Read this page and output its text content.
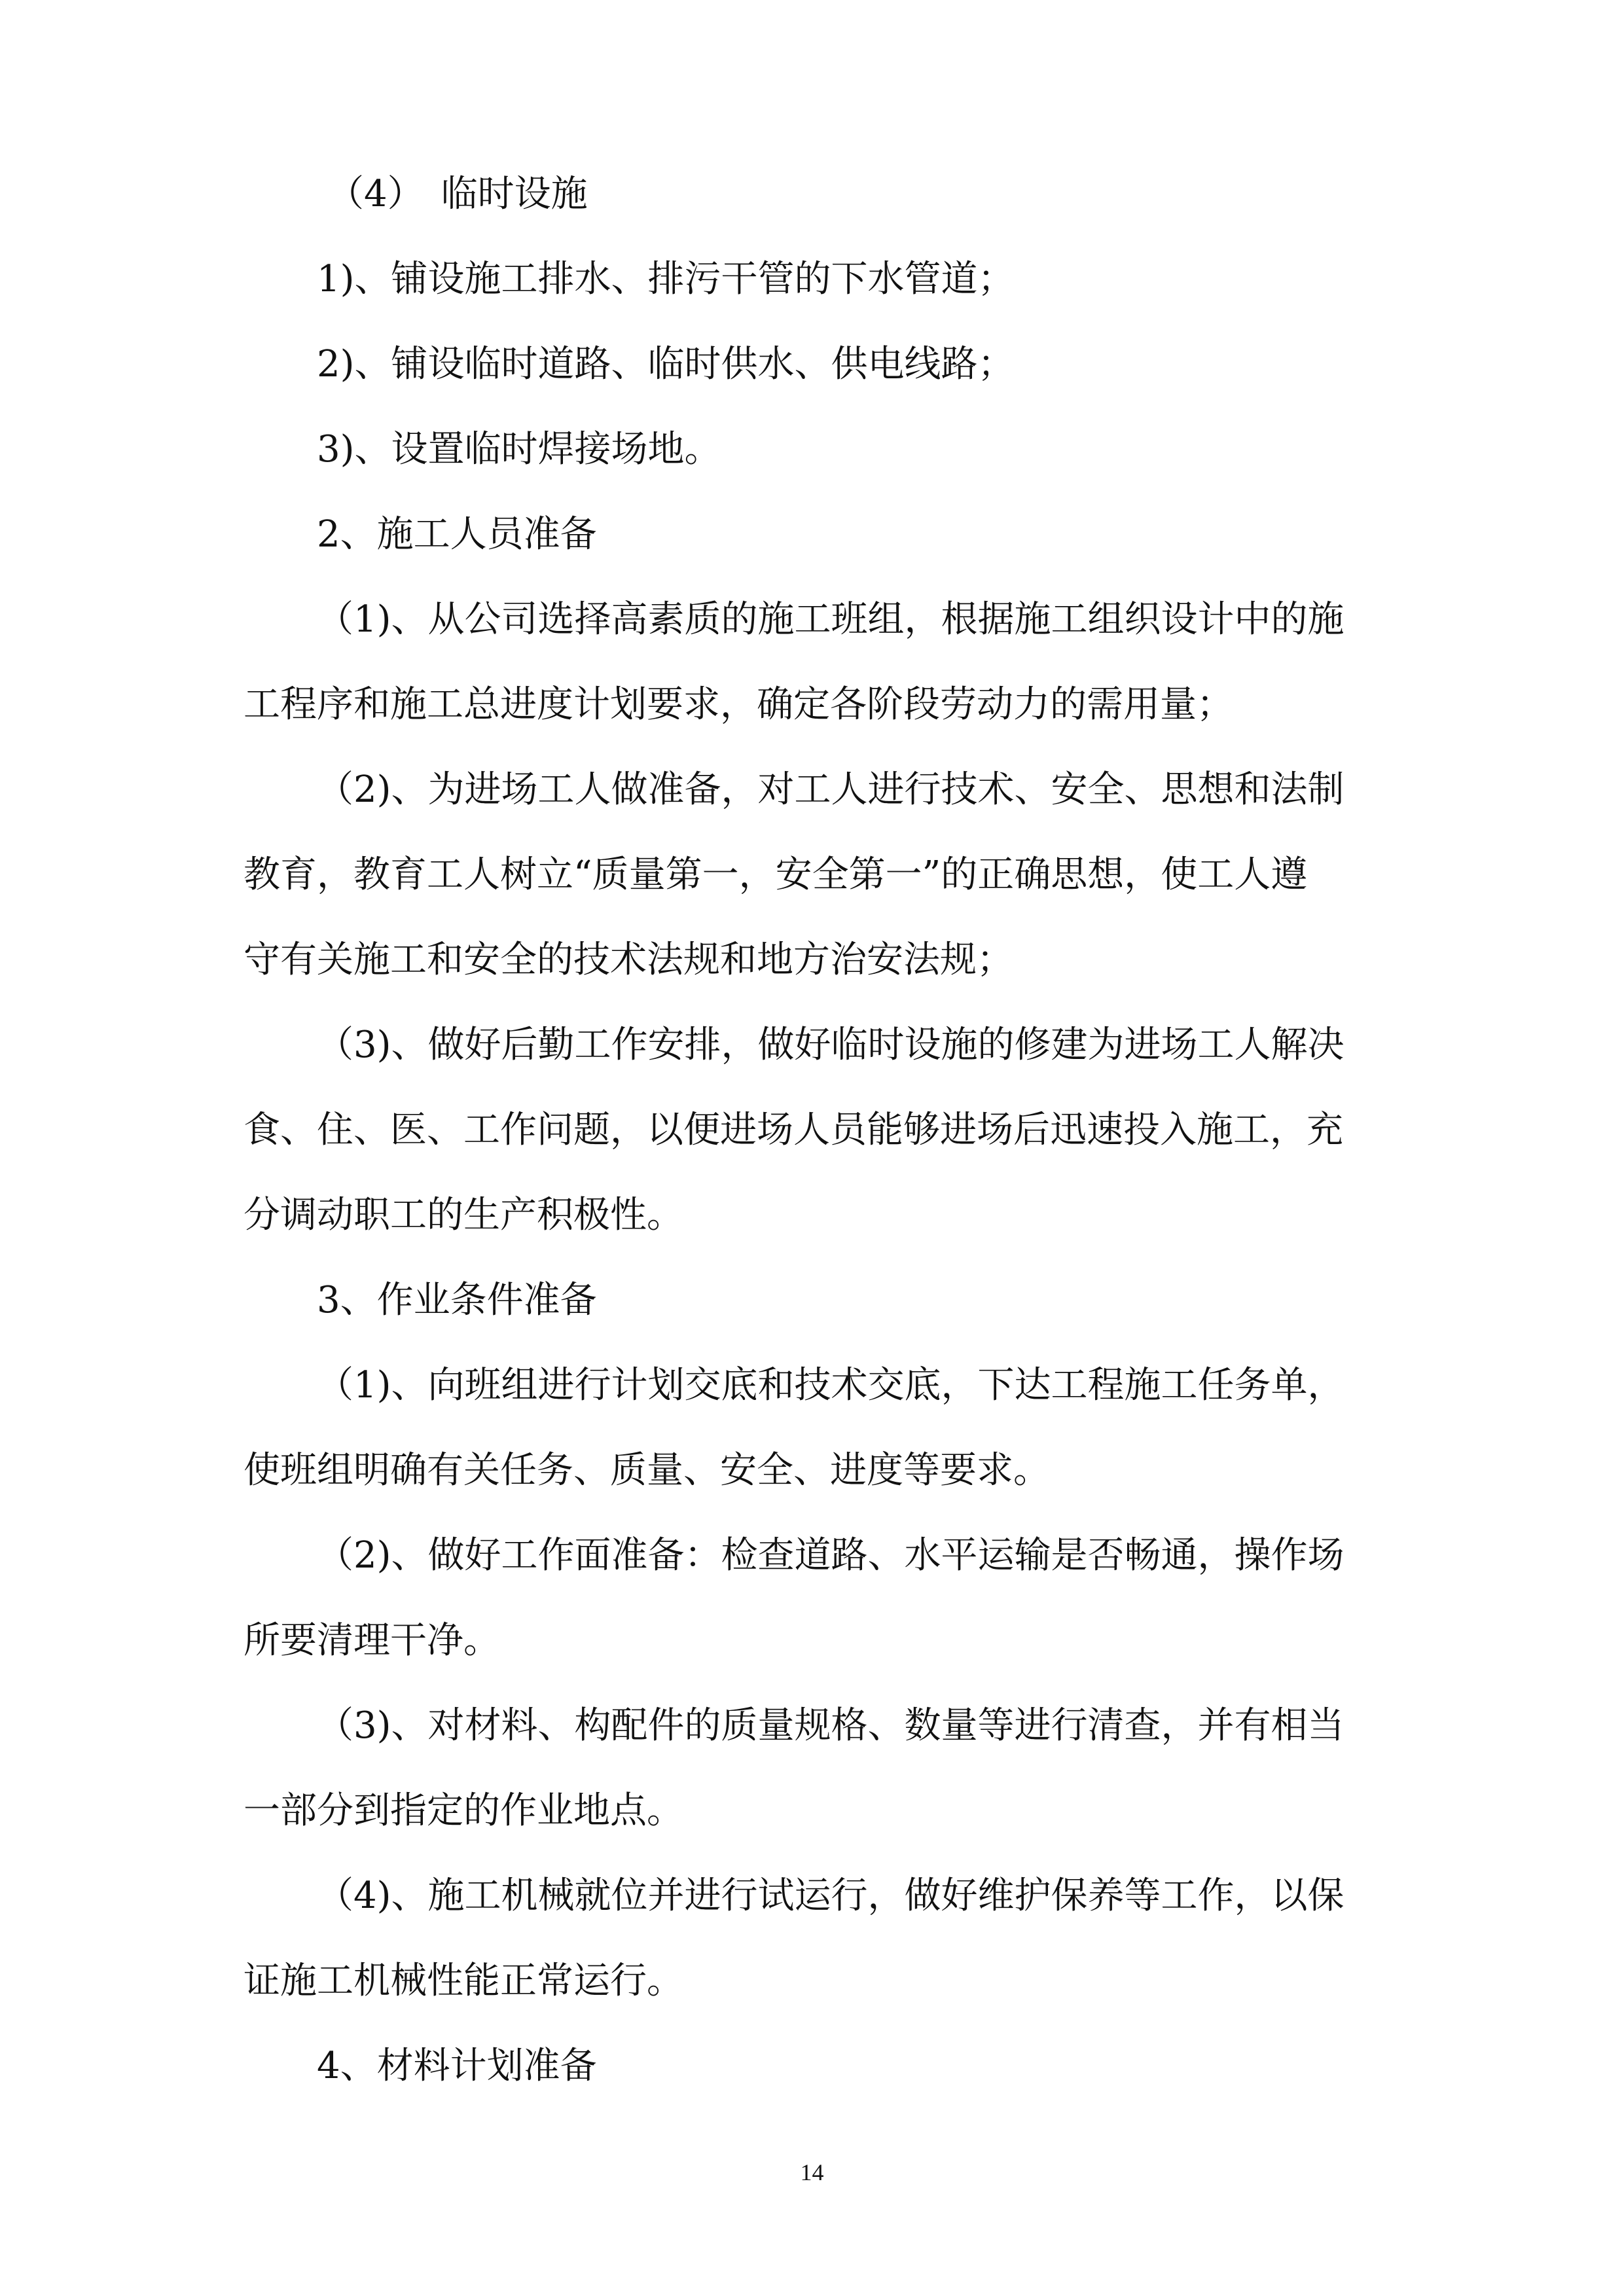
（4） 临时设施
1)、铺设施工排水、排污干管的下水管道；
2)、铺设临时道路、临时供水、供电线路；
3)、设置临时焊接场地。
2、施工人员准备
（1)、从公司选择高素质的施工班组，根据施工组织设计中的施
工程序和施工总进度计划要求，确定各阶段劳动力的需用量；
（2)、为进场工人做准备，对工人进行技术、安全、思想和法制
教育，教育工人树立“质量第一，安全第一”的正确思想，使工人遵
守有关施工和安全的技术法规和地方治安法规；
（3)、做好后勤工作安排，做好临时设施的修建为进场工人解决
食、住、医、工作问题，以便进场人员能够进场后迅速投入施工，充
分调动职工的生产积极性。
3、作业条件准备
（1)、向班组进行计划交底和技术交底，下达工程施工任务单，
使班组明确有关任务、质量、安全、进度等要求。
（2)、做好工作面准备：检查道路、水平运输是否畅通，操作场
所要清理干净。
（3)、对材料、构配件的质量规格、数量等进行清查，并有相当
一部分到指定的作业地点。
（4)、施工机械就位并进行试运行，做好维护保养等工作，以保
证施工机械性能正常运行。
4、材料计划准备
14
